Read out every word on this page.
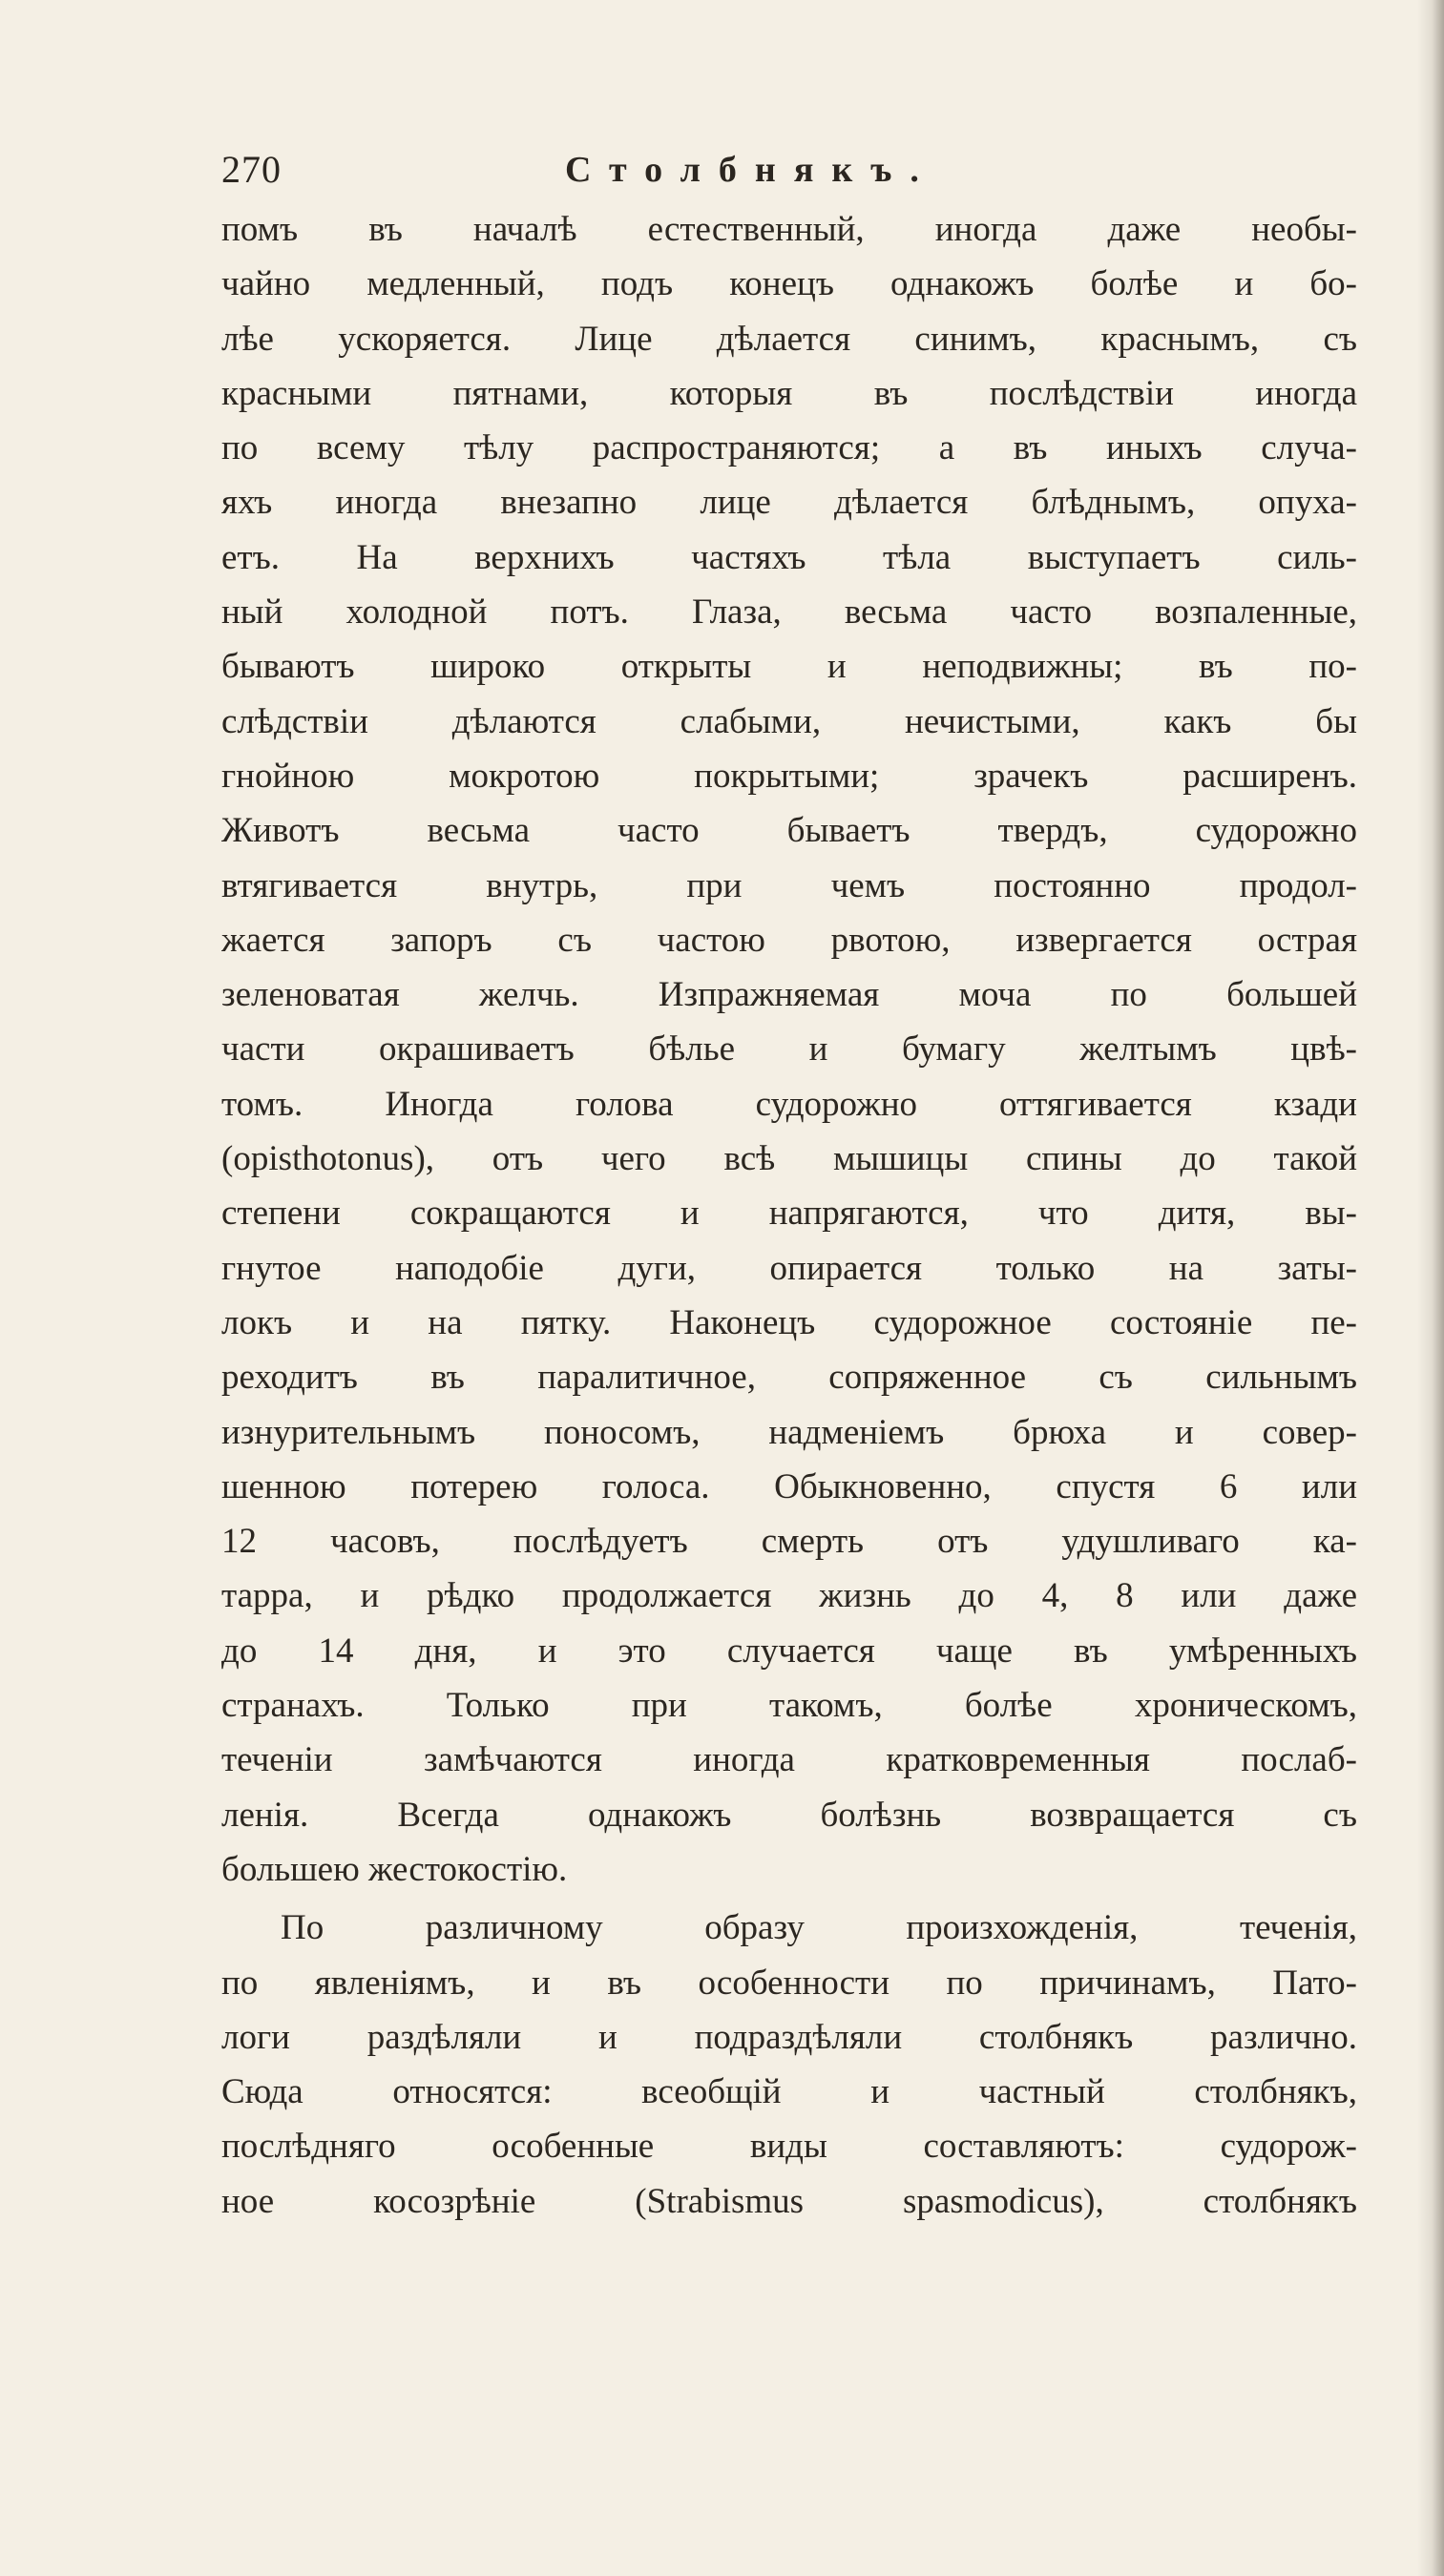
270	Столбнякъ.
помъ въ началѣ естественный, иногда даже необы-
чайно медленный, подъ конецъ однакожъ болѣе и бо-
лѣе ускоряется. Лице дѣлается синимъ, краснымъ, съ
красными пятнами, которыя въ послѣдствіи иногда
по всему тѣлу распространяются; а въ иныхъ случа-
яхъ иногда внезапно лице дѣлается блѣднымъ, опуха-
етъ. На верхнихъ частяхъ тѣла выступаетъ силь-
ный холодной потъ. Глаза, весьма часто возпаленные,
бываютъ широко открыты и неподвижны; въ по-
слѣдствіи дѣлаются слабыми, нечистыми, какъ бы
гнойною мокротою покрытыми; зрачекъ расширенъ.
Животъ весьма часто бываетъ твердъ, судорожно
втягивается внутрь, при чемъ постоянно продол-
жается запоръ съ частою рвотою, извергается острая
зеленоватая желчь. Изпражняемая моча по большей
части окрашиваетъ бѣлье и бумагу желтымъ цвѣ-
томъ. Иногда голова судорожно оттягивается кзади
(opisthotonus), отъ чего всѣ мышицы спины до такой
степени сокращаются и напрягаются, что дитя, вы-
гнутое наподобіе дуги, опирается только на заты-
локъ и на пятку. Наконецъ судорожное состояніе пе-
реходитъ въ паралитичное, сопряженное съ сильнымъ
изнурительнымъ поносомъ, надменіемъ брюха и совер-
шенною потерею голоса. Обыкновенно, спустя 6 или
12 часовъ, послѣдуетъ смерть отъ удушливаго ка-
тарра, и рѣдко продолжается жизнь до 4, 8 или даже
до 14 дня, и это случается чаще въ умѣренныхъ
странахъ. Только при такомъ, болѣе хроническомъ,
теченіи замѣчаются иногда кратковременныя послаб-
ленія. Всегда однакожъ болѣзнь возвращается съ
большею жестокостію.
По различному образу произхожденія, теченія,
по явленіямъ, и въ особенности по причинамъ, Пато-
логи раздѣляли и подраздѣляли столбнякъ различно.
Сюда относятся: всеобщій и частный столбнякъ,
послѣдняго особенные виды составляютъ: судорож-
ное косозрѣніе (Strabismus spasmodicus), столбнякъ
